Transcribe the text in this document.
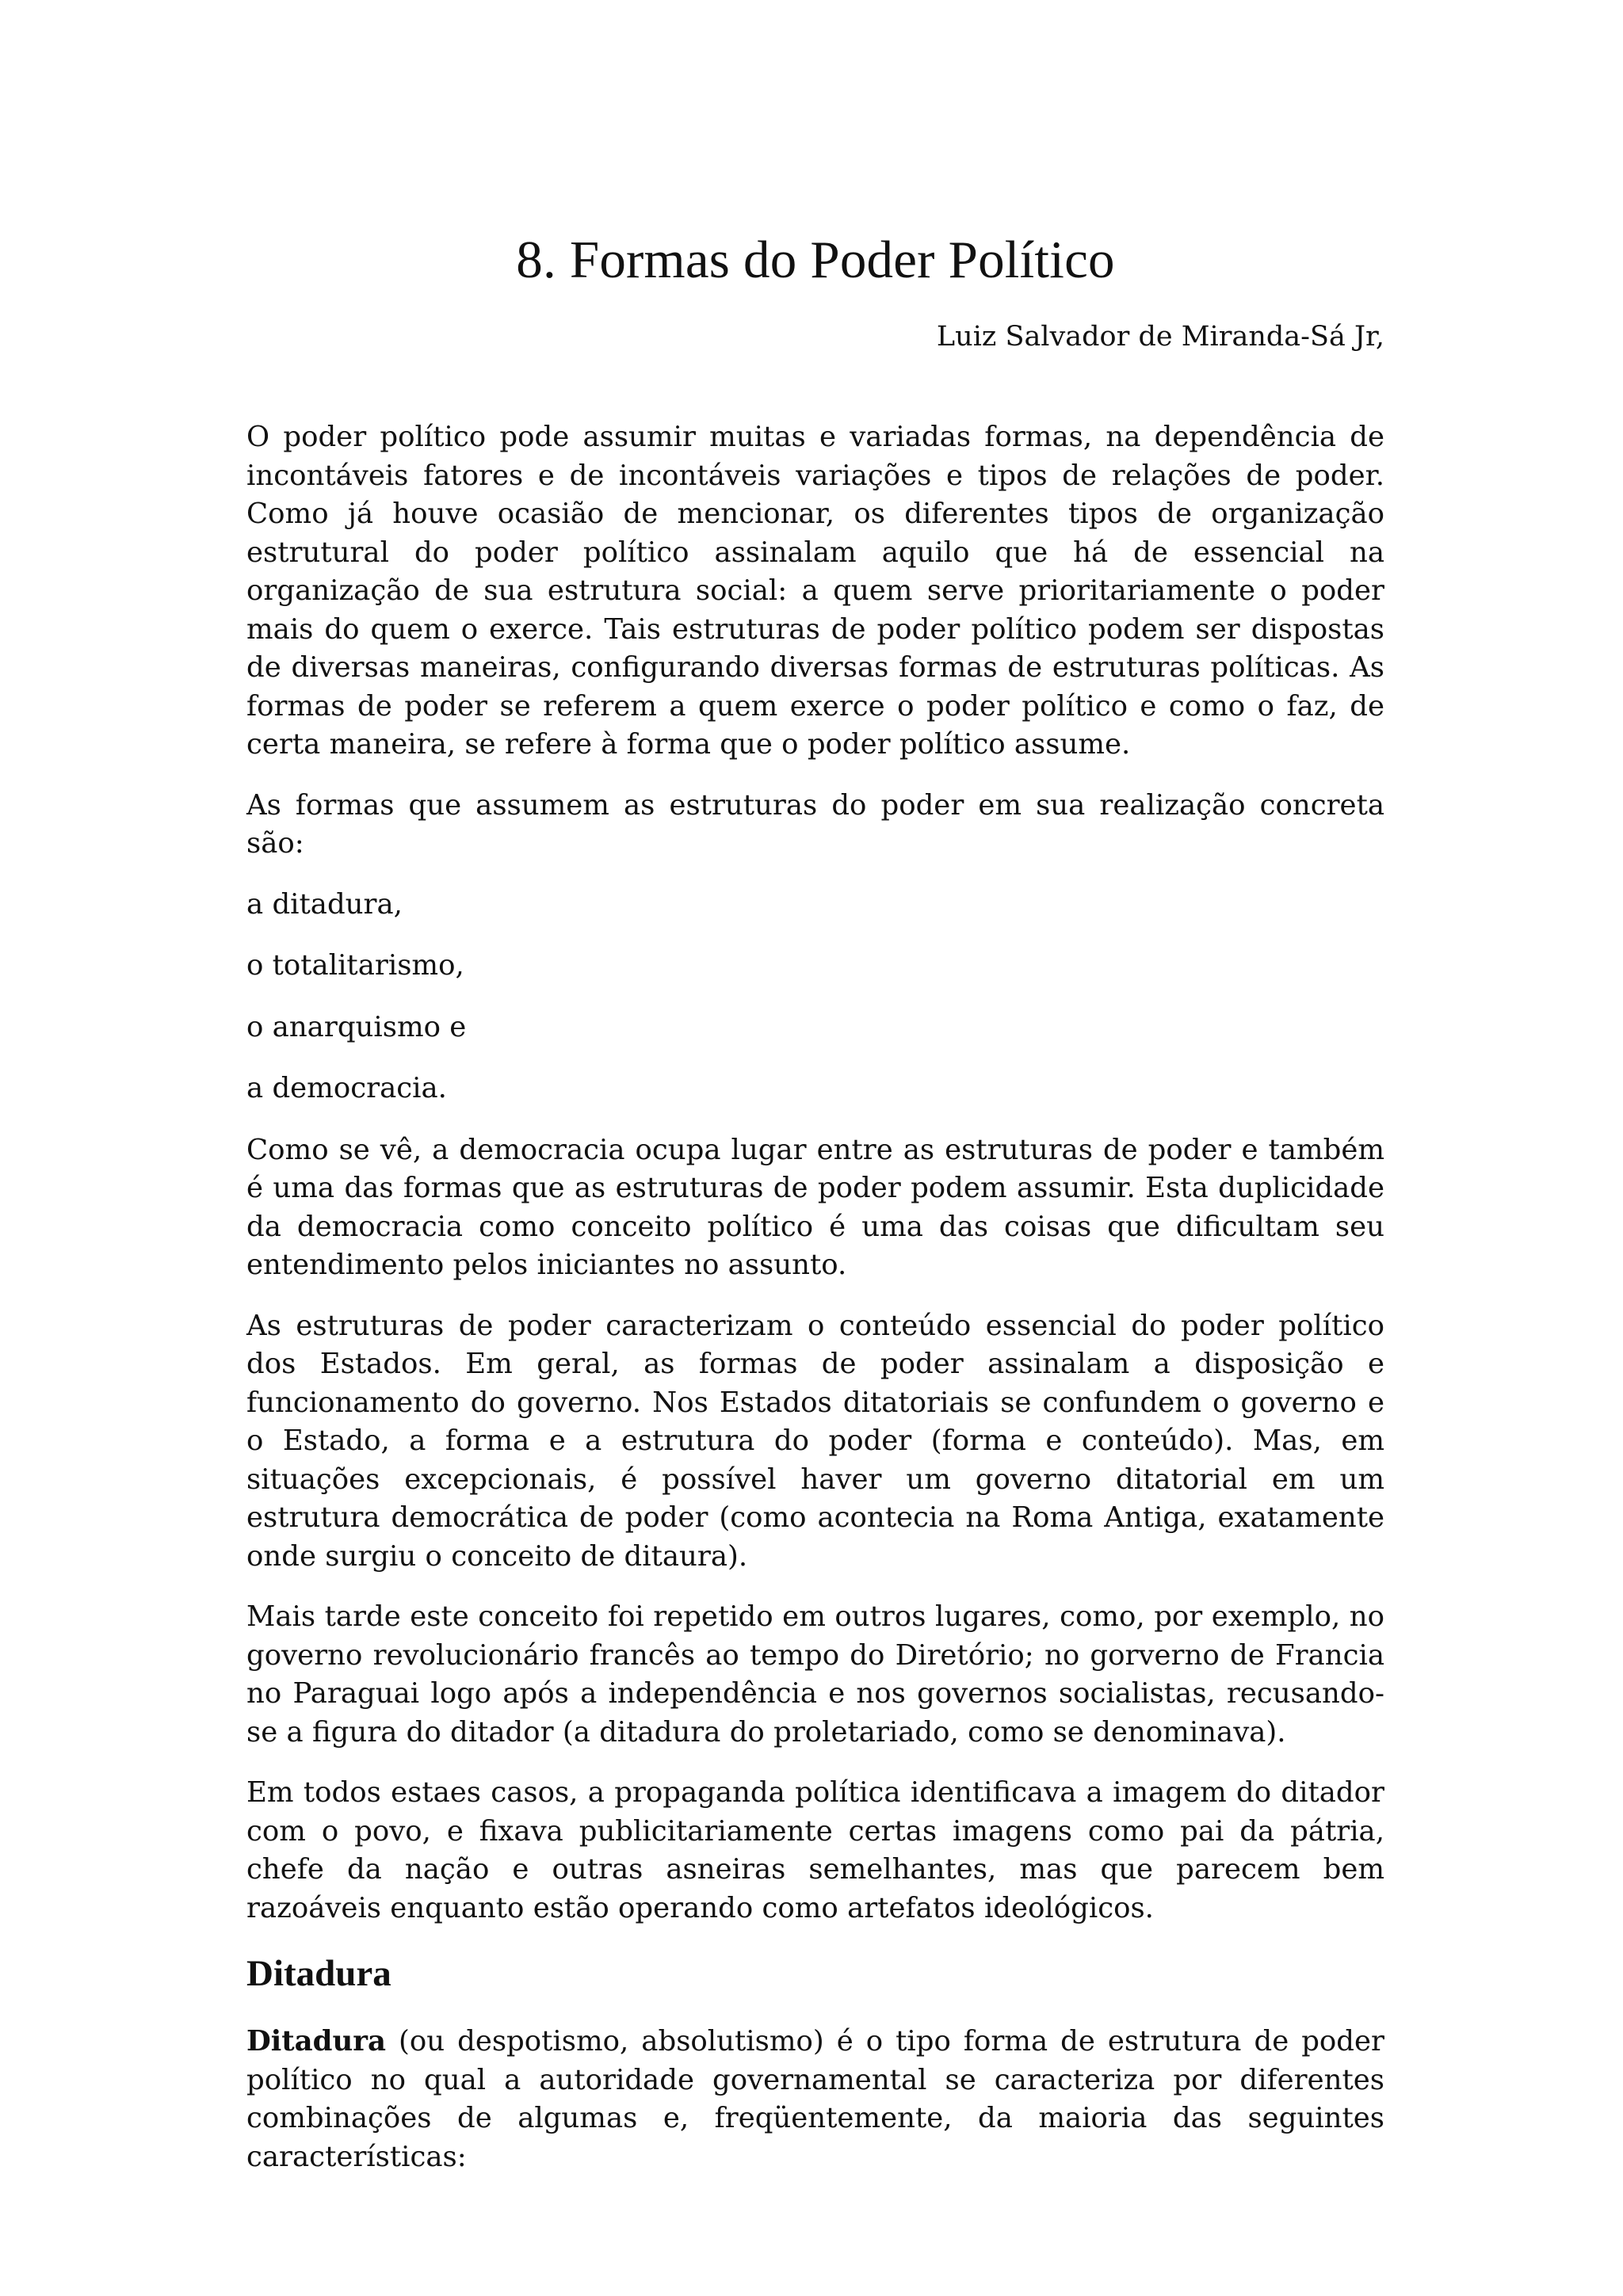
8. Formas do Poder Político

Luiz Salvador de Miranda-Sá Jr,

O poder político pode assumir muitas e variadas formas, na dependência de incontáveis fatores e de incontáveis variações e tipos de relações de poder. Como já houve ocasião de mencionar, os diferentes tipos de organização estrutural do poder político assinalam aquilo que há de essencial na organização de sua estrutura social: a quem serve prioritariamente o poder mais do quem o exerce. Tais estruturas de poder político podem ser dispostas de diversas maneiras, configurando diversas formas de estruturas políticas. As formas de poder se referem a quem exerce o poder político e como o faz, de certa maneira, se refere à forma que o poder político assume.

As formas que assumem as estruturas do poder em sua realização concreta são:

a ditadura,

o totalitarismo,

o anarquismo e

a democracia.

Como se vê, a democracia ocupa lugar entre as estruturas de poder e também é uma das formas que as estruturas de poder podem assumir. Esta duplicidade da democracia como conceito político é uma das coisas que dificultam seu entendimento pelos iniciantes no assunto.

As estruturas de poder caracterizam o conteúdo essencial do poder político dos Estados. Em geral, as formas de poder assinalam a disposição e funcionamento do governo. Nos Estados ditatoriais se confundem o governo e o Estado, a forma e a estrutura do poder (forma e conteúdo). Mas, em situações excepcionais, é possível haver um governo ditatorial em um estrutura democrática de poder (como acontecia na Roma Antiga, exatamente onde surgiu o conceito de ditaura).

Mais tarde este conceito foi repetido em outros lugares, como, por exemplo, no governo revolucionário francês ao tempo do Diretório; no gorverno de Francia no Paraguai logo após a independência e nos governos socialistas, recusando-se a figura do ditador (a ditadura do proletariado, como se denominava).

Em todos estaes casos, a propaganda política identificava a imagem do ditador com o povo, e fixava publicitariamente certas imagens como pai da pátria, chefe da nação e outras asneiras semelhantes, mas que parecem bem razoáveis enquanto estão operando como artefatos ideológicos.

Ditadura

Ditadura (ou despotismo, absolutismo) é o tipo forma de estrutura de poder político no qual a autoridade governamental se caracteriza por diferentes combinações de algumas e, freqüentemente, da maioria das seguintes características:
